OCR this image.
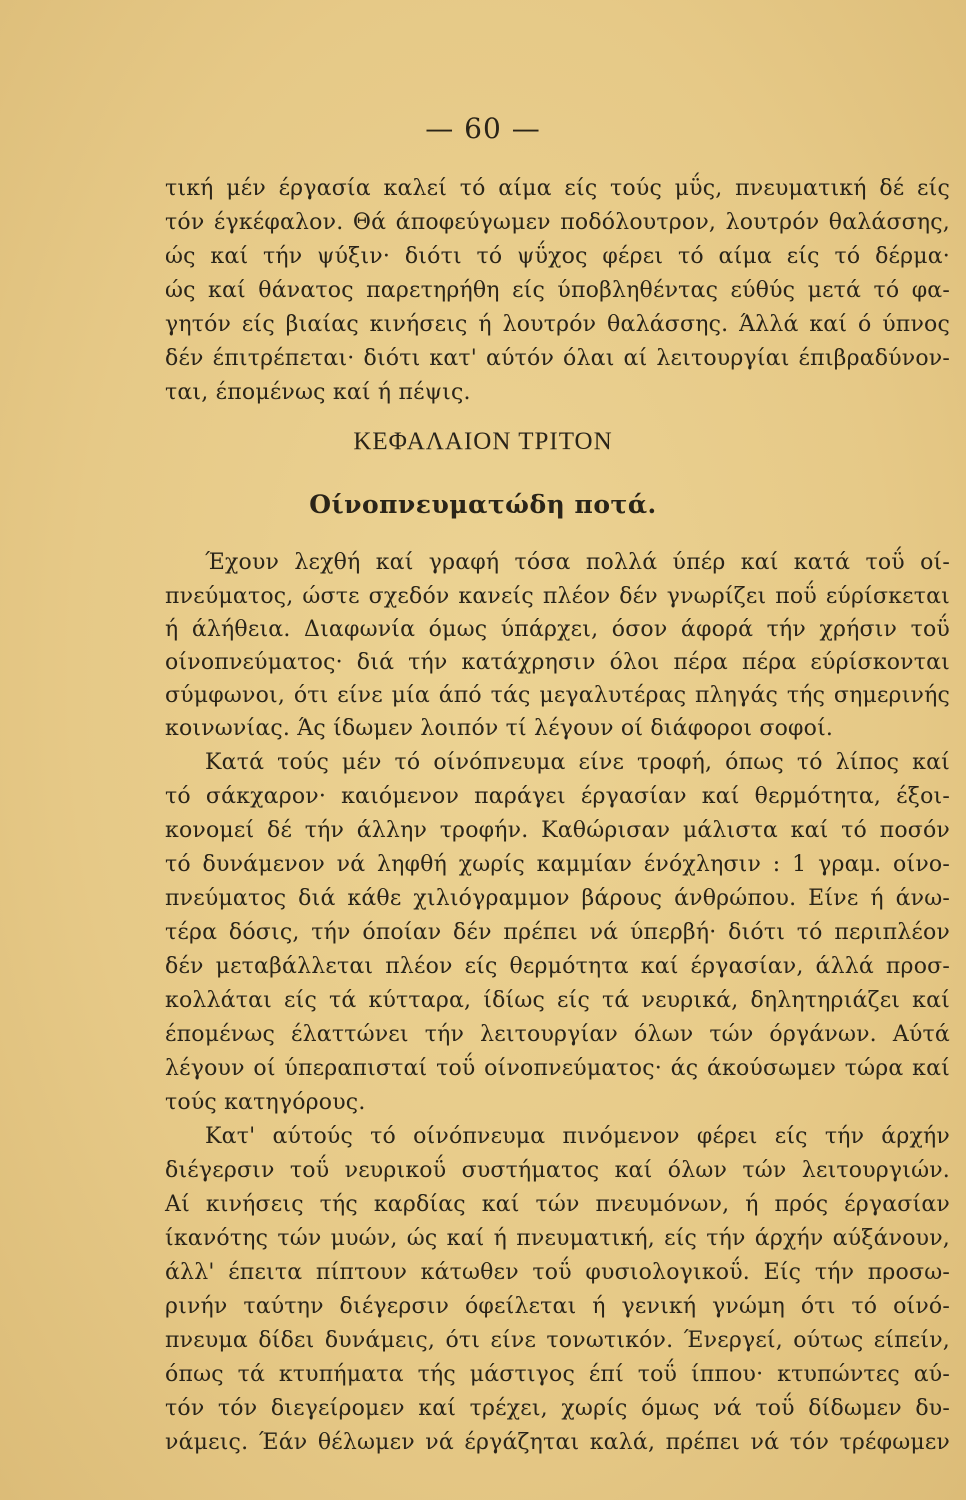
— 60 —
τική μέν έργασία καλεί τό αίμα είς τούς μΰς, πνευματική δέ είς
τόν έγκέφαλον. Θά άποφεύγωμεν ποδόλουτρον, λουτρόν θαλάσσης,
ώς καί τήν ψύξιν· διότι τό ψΰχος φέρει τό αίμα είς τό δέρμα·
ώς καί θάνατος παρετηρήθη είς ύποβληθέντας εύθύς μετά τό φα-
γητόν είς βιαίας κινήσεις ή λουτρόν θαλάσσης. Άλλά καί ό ύπνος
δέν έπιτρέπεται· διότι κατ' αύτόν όλαι αί λειτουργίαι έπιβραδύνον-
ται, έπομένως καί ή πέψις.
ΚΕΦΑΛΑΙΟΝ ΤΡΙΤΟΝ
Οίνοπνευματώδη ποτά.
Έχουν λεχθή καί γραφή τόσα πολλά ύπέρ καί κατά τοΰ οί-
πνεύματος, ώστε σχεδόν κανείς πλέον δέν γνωρίζει ποΰ εύρίσκεται
ή άλήθεια. Διαφωνία όμως ύπάρχει, όσον άφορά τήν χρήσιν τοΰ
οίνοπνεύματος· διά τήν κατάχρησιν όλοι πέρα πέρα εύρίσκονται
σύμφωνοι, ότι είνε μία άπό τάς μεγαλυτέρας πληγάς τής σημερινής
κοινωνίας. Άς ίδωμεν λοιπόν τί λέγουν οί διάφοροι σοφοί.
Κατά τούς μέν τό οίνόπνευμα είνε τροφή, όπως τό λίπος καί
τό σάκχαρον· καιόμενον παράγει έργασίαν καί θερμότητα, έξοι-
κονομεί δέ τήν άλλην τροφήν. Καθώρισαν μάλιστα καί τό ποσόν
τό δυνάμενον νά ληφθή χωρίς καμμίαν ένόχλησιν : 1 γραμ. οίνο-
πνεύματος διά κάθε χιλιόγραμμον βάρους άνθρώπου. Είνε ή άνω-
τέρα δόσις, τήν όποίαν δέν πρέπει νά ύπερβή· διότι τό περιπλέον
δέν μεταβάλλεται πλέον είς θερμότητα καί έργασίαν, άλλά προσ-
κολλάται είς τά κύτταρα, ίδίως είς τά νευρικά, δηλητηριάζει καί
έπομένως έλαττώνει τήν λειτουργίαν όλων τών όργάνων. Αύτά
λέγουν οί ύπεραπισταί τοΰ οίνοπνεύματος· άς άκούσωμεν τώρα καί
τούς κατηγόρους.
Κατ' αύτούς τό οίνόπνευμα πινόμενον φέρει είς τήν άρχήν
διέγερσιν τοΰ νευρικοΰ συστήματος καί όλων τών λειτουργιών.
Αί κινήσεις τής καρδίας καί τών πνευμόνων, ή πρός έργασίαν
ίκανότης τών μυών, ώς καί ή πνευματική, είς τήν άρχήν αύξάνουν,
άλλ' έπειτα πίπτουν κάτωθεν τοΰ φυσιολογικοΰ. Είς τήν προσω-
ρινήν ταύτην διέγερσιν όφείλεται ή γενική γνώμη ότι τό οίνό-
πνευμα δίδει δυνάμεις, ότι είνε τονωτικόν. Ένεργεί, ούτως είπείν,
όπως τά κτυπήματα τής μάστιγος έπί τοΰ ίππου· κτυπώντες αύ-
τόν τόν διεγείρομεν καί τρέχει, χωρίς όμως νά τοΰ δίδωμεν δυ-
νάμεις. Έάν θέλωμεν νά έργάζηται καλά, πρέπει νά τόν τρέφωμεν
